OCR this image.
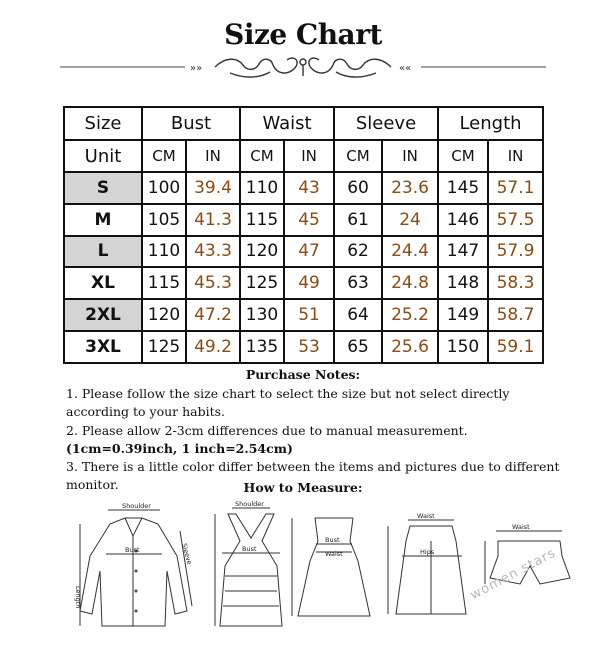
Size Chart
»»	««
Size	Bust		Waist		Sleeve		Length	
Unit	CM	IN	CM	IN	CM	IN	CM	IN
S	100	39.4	110	43	60	23.6	145	57.1
M	105	41.3	115	45	61	24	146	57.5
L	110	43.3	120	47	62	24.4	147	57.9
XL	115	45.3	125	49	63	24.8	148	58.3
2XL	120	47.2	130	51	64	25.2	149	58.7
3XL	125	49.2	135	53	65	25.6	150	59.1
Purchase Notes:
1. Please follow the size chart to select the size but not select directly according to your habits.
2. Please allow 2-3cm differences due to manual measurement. (1cm=0.39inch, 1 inch=2.54cm)
3. There is a little color differ between the items and pictures due to different monitor.	How to Measure:
Shoulder
Bust
Length
Sleeve
Shoulder
Bust
Bust
Waist
Waist
Hips
Waist
women stars
